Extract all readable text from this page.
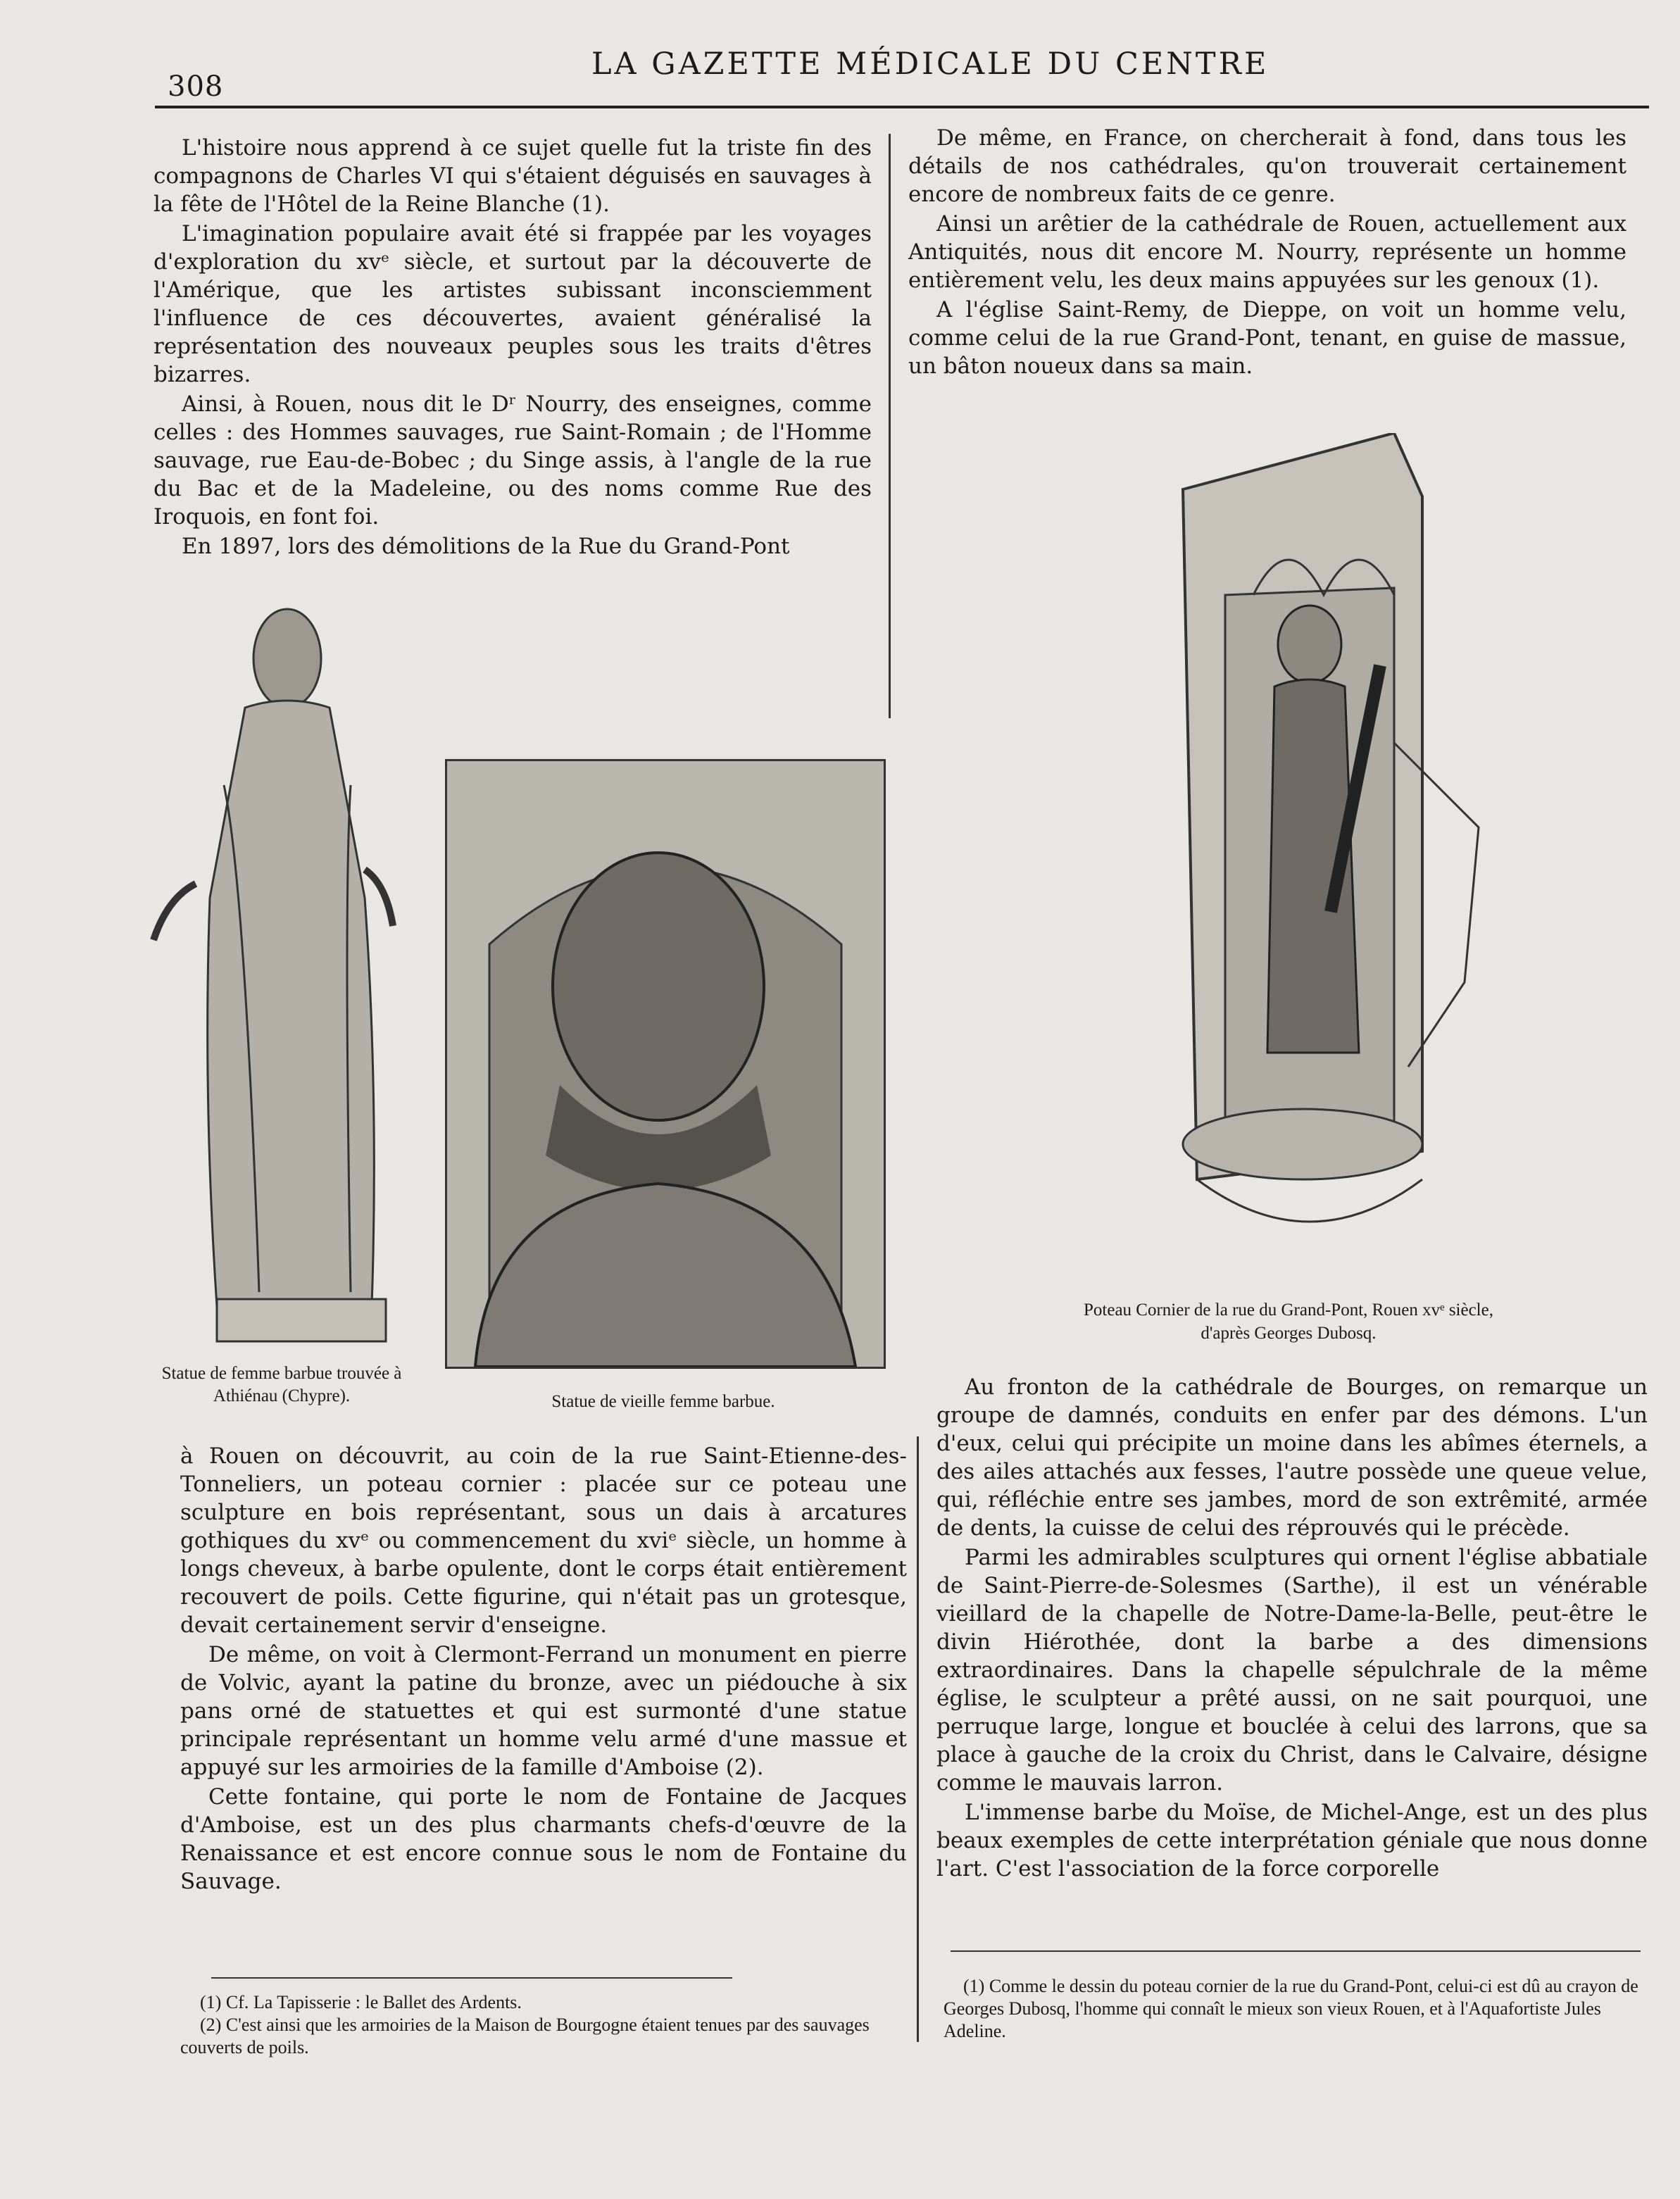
308
LA GAZETTE MÉDICALE DU CENTRE

L'histoire nous apprend à ce sujet quelle fut la triste fin des compagnons de Charles VI qui s'étaient déguisés en sauvages à la fête de l'Hôtel de la Reine Blanche (1).

L'imagination populaire avait été si frappée par les voyages d'exploration du xvᵉ siècle, et surtout par la découverte de l'Amérique, que les artistes subissant inconsciemment l'influence de ces découvertes, avaient généralisé la représentation des nouveaux peuples sous les traits d'êtres bizarres.

Ainsi, à Rouen, nous dit le Dʳ Nourry, des enseignes, comme celles : des Hommes sauvages, rue Saint-Romain ; de l'Homme sauvage, rue Eau-de-Bobec ; du Singe assis, à l'angle de la rue du Bac et de la Madeleine, ou des noms comme Rue des Iroquois, en font foi.

En 1897, lors des démolitions de la Rue du Grand-Pont

De même, en France, on chercherait à fond, dans tous les détails de nos cathédrales, qu'on trouverait certainement encore de nombreux faits de ce genre.

Ainsi un arêtier de la cathédrale de Rouen, actuellement aux Antiquités, nous dit encore M. Nourry, représente un homme entièrement velu, les deux mains appuyées sur les genoux (1).

A l'église Saint-Remy, de Dieppe, on voit un homme velu, comme celui de la rue Grand-Pont, tenant, en guise de massue, un bâton noueux dans sa main.

Statue de femme barbue trouvée à Athiénau (Chypre).	Statue de vieille femme barbue.
Poteau Cornier de la rue du Grand-Pont, Rouen xvᵉ siècle,
d'après Georges Dubosq.

à Rouen on découvrit, au coin de la rue Saint-Etienne-des-Tonneliers, un poteau cornier : placée sur ce poteau une sculpture en bois représentant, sous un dais à arcatures gothiques du xvᵉ ou commencement du xviᵉ siècle, un homme à longs cheveux, à barbe opulente, dont le corps était entièrement recouvert de poils. Cette figurine, qui n'était pas un grotesque, devait certainement servir d'enseigne.

De même, on voit à Clermont-Ferrand un monument en pierre de Volvic, ayant la patine du bronze, avec un piédouche à six pans orné de statuettes et qui est surmonté d'une statue principale représentant un homme velu armé d'une massue et appuyé sur les armoiries de la famille d'Amboise (2).

Cette fontaine, qui porte le nom de Fontaine de Jacques d'Amboise, est un des plus charmants chefs-d'œuvre de la Renaissance et est encore connue sous le nom de Fontaine du Sauvage.

Au fronton de la cathédrale de Bourges, on remarque un groupe de damnés, conduits en enfer par des démons. L'un d'eux, celui qui précipite un moine dans les abîmes éternels, a des ailes attachés aux fesses, l'autre possède une queue velue, qui, réfléchie entre ses jambes, mord de son extrêmité, armée de dents, la cuisse de celui des réprouvés qui le précède.

Parmi les admirables sculptures qui ornent l'église abbatiale de Saint-Pierre-de-Solesmes (Sarthe), il est un vénérable vieillard de la chapelle de Notre-Dame-la-Belle, peut-être le divin Hiérothée, dont la barbe a des dimensions extraordinaires. Dans la chapelle sépulchrale de la même église, le sculpteur a prêté aussi, on ne sait pourquoi, une perruque large, longue et bouclée à celui des larrons, que sa place à gauche de la croix du Christ, dans le Calvaire, désigne comme le mauvais larron.

L'immense barbe du Moïse, de Michel-Ange, est un des plus beaux exemples de cette interprétation géniale que nous donne l'art. C'est l'association de la force corporelle

(1) Cf. La Tapisserie : le Ballet des Ardents.
(2) C'est ainsi que les armoiries de la Maison de Bourgogne étaient tenues par des sauvages couverts de poils.
(1) Comme le dessin du poteau cornier de la rue du Grand-Pont, celui-ci est dû au crayon de Georges Dubosq, l'homme qui connaît le mieux son vieux Rouen, et à l'Aquafortiste Jules Adeline.
